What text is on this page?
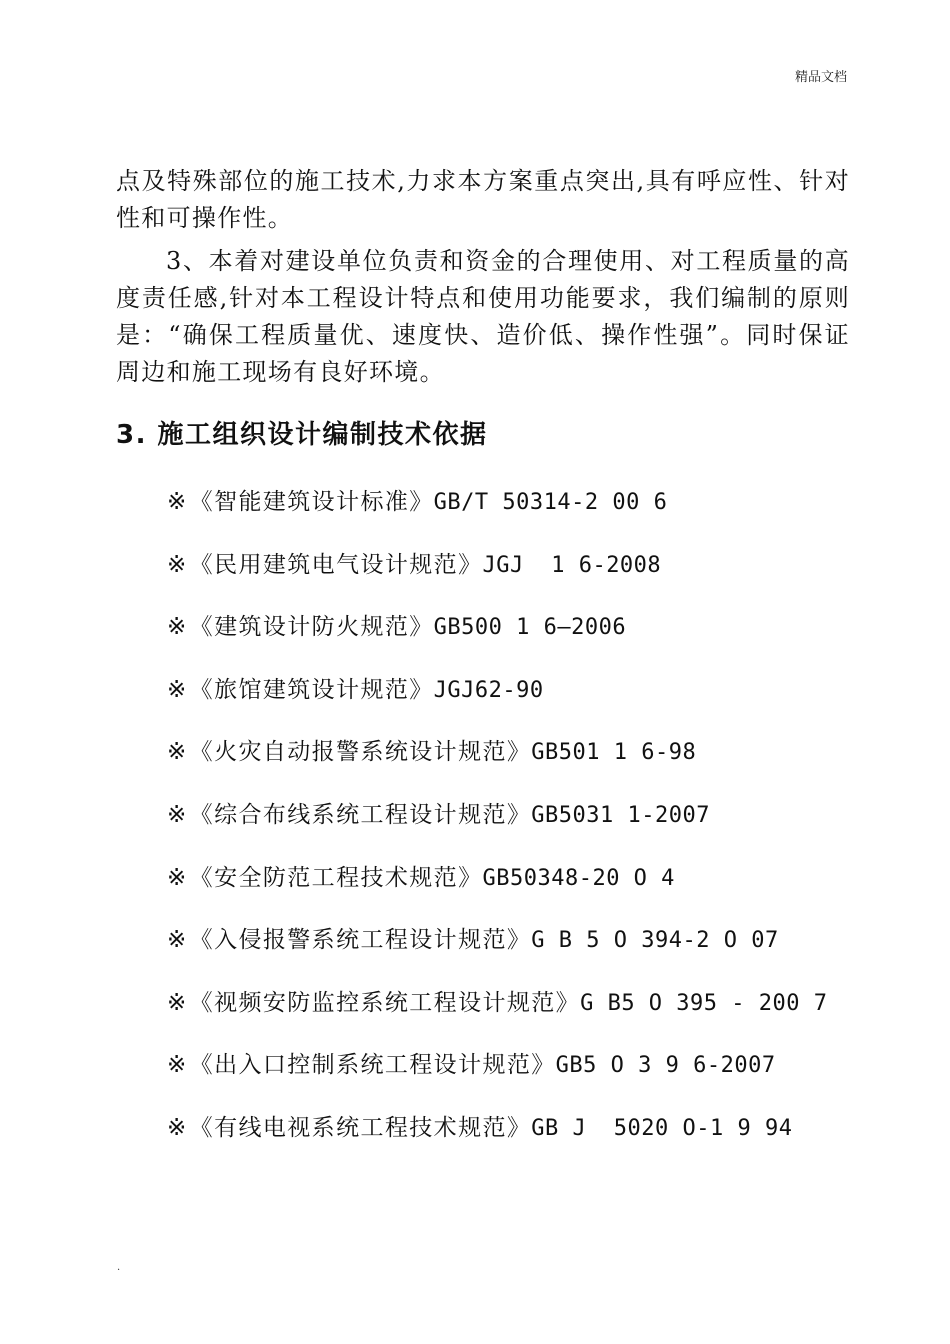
精品文档

点及特殊部位的施工技术,力求本方案重点突出,具有呼应性、针对性和可操作性。

3、本着对建设单位负责和资金的合理使用、对工程质量的高度责任感,针对本工程设计特点和使用功能要求，我们编制的原则是：“确保工程质量优、速度快、造价低、操作性强”。同时保证周边和施工现场有良好环境。

3. 施工组织设计编制技术依据
※《智能建筑设计标准》GB/T 50314-2 00 6
※《民用建筑电气设计规范》JGJ  1 6-2008
※《建筑设计防火规范》GB500 1 6—2006
※《旅馆建筑设计规范》JGJ62-90
※《火灾自动报警系统设计规范》GB501 1 6-98
※《综合布线系统工程设计规范》GB5031 1-2007
※《安全防范工程技术规范》GB50348-20 O 4
※《入侵报警系统工程设计规范》G B 5 O 394-2 O 07
※《视频安防监控系统工程设计规范》G B5 O 395 - 200 7
※《出入口控制系统工程设计规范》GB5 O 3 9 6-2007
※《有线电视系统工程技术规范》GB J  5020 O-1 9 94
.
